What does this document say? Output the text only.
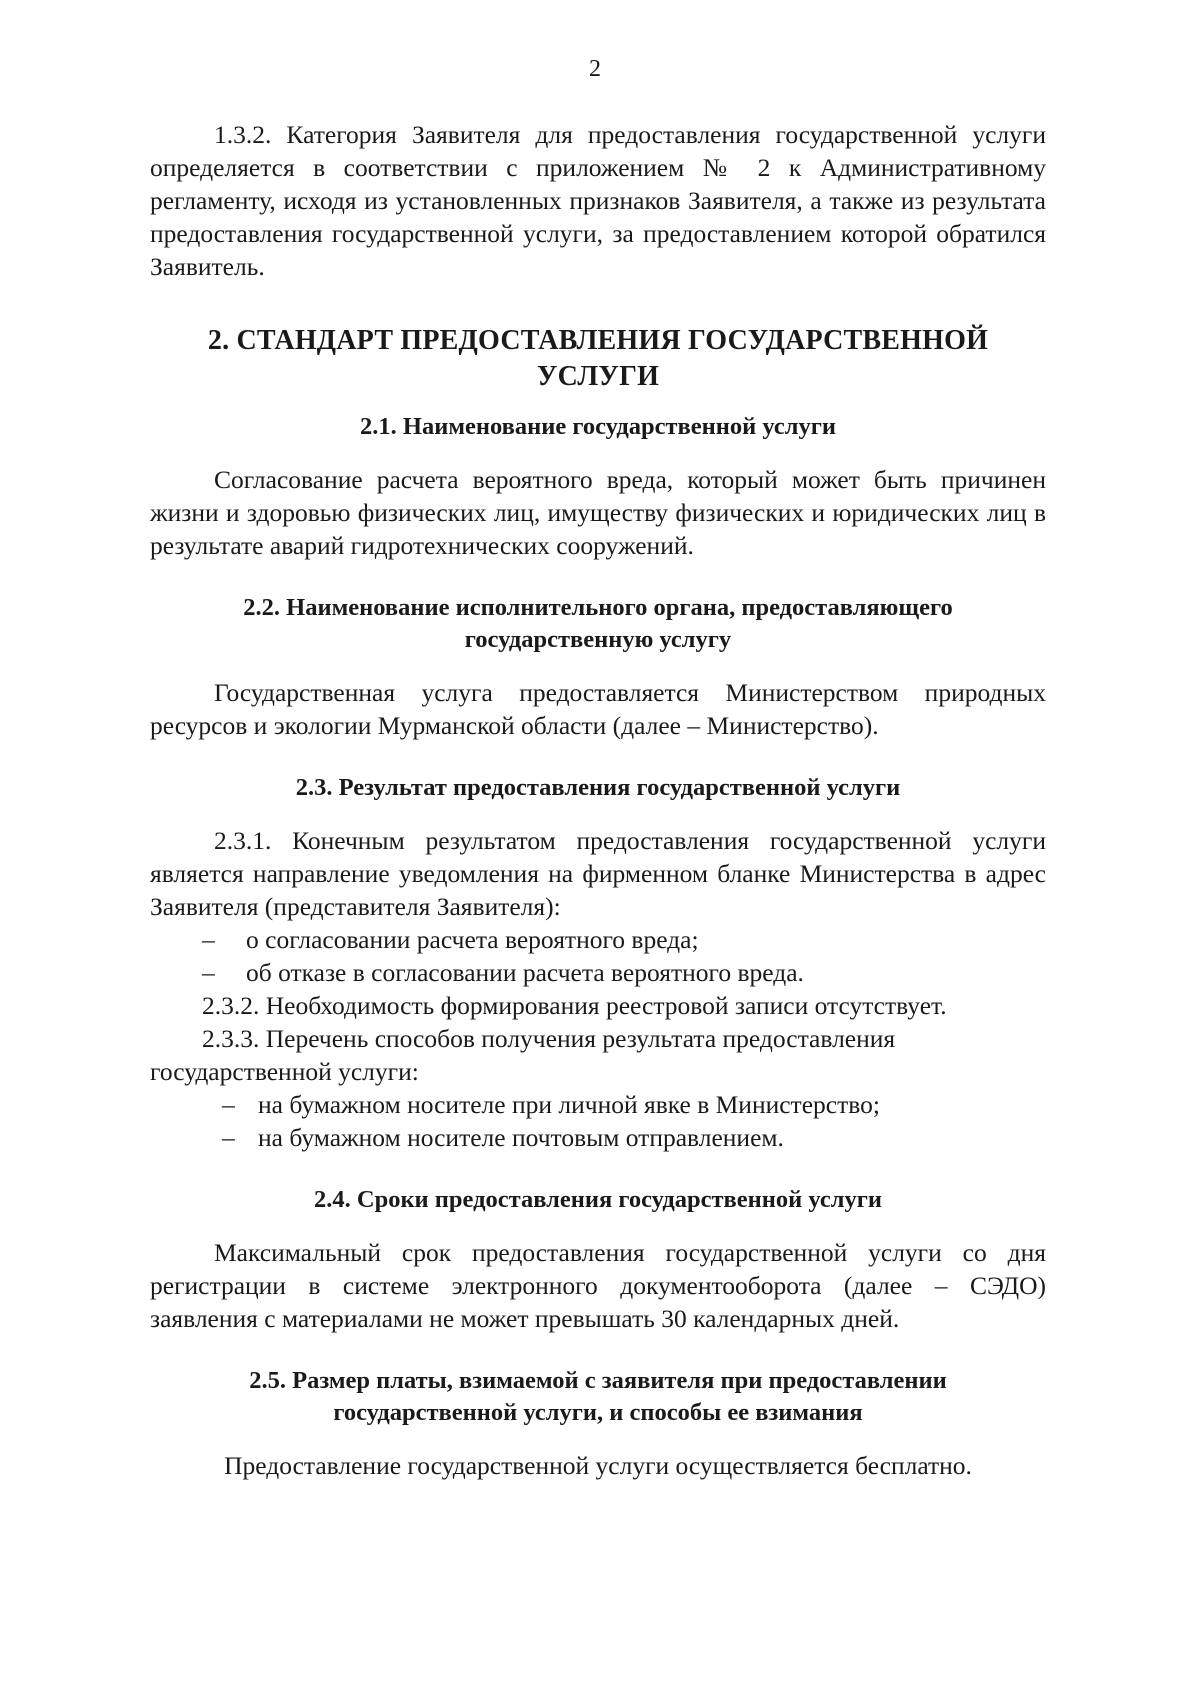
2

1.3.2. Категория Заявителя для предоставления государственной услуги определяется в соответствии с приложением № 2 к Административному регламенту, исходя из установленных признаков Заявителя, а также из результата предоставления государственной услуги, за предоставлением которой обратился Заявитель.

2. СТАНДАРТ ПРЕДОСТАВЛЕНИЯ ГОСУДАРСТВЕННОЙ УСЛУГИ
2.1. Наименование государственной услуги

Согласование расчета вероятного вреда, который может быть причинен жизни и здоровью физических лиц, имуществу физических и юридических лиц в результате аварий гидротехнических сооружений.

2.2. Наименование исполнительного органа, предоставляющего
государственную услугу

Государственная услуга предоставляется Министерством природных ресурсов и экологии Мурманской области (далее – Министерство).

2.3. Результат предоставления государственной услуги

2.3.1. Конечным результатом предоставления государственной услуги является направление уведомления на фирменном бланке Министерства в адрес Заявителя (представителя Заявителя):

–	о согласовании расчета вероятного вреда;
–	об отказе в согласовании расчета вероятного вреда.

2.3.2. Необходимость формирования реестровой записи отсутствует.

2.3.3. Перечень способов получения результата предоставления государственной услуги:

– на бумажном носителе при личной явке в Министерство;
– на бумажном носителе почтовым отправлением.
2.4. Сроки предоставления государственной услуги

Максимальный срок предоставления государственной услуги со дня регистрации в системе электронного документооборота (далее – СЭДО) заявления с материалами не может превышать 30 календарных дней.

2.5. Размер платы, взимаемой с заявителя при предоставлении
государственной услуги, и способы ее взимания

Предоставление государственной услуги осуществляется бесплатно.
